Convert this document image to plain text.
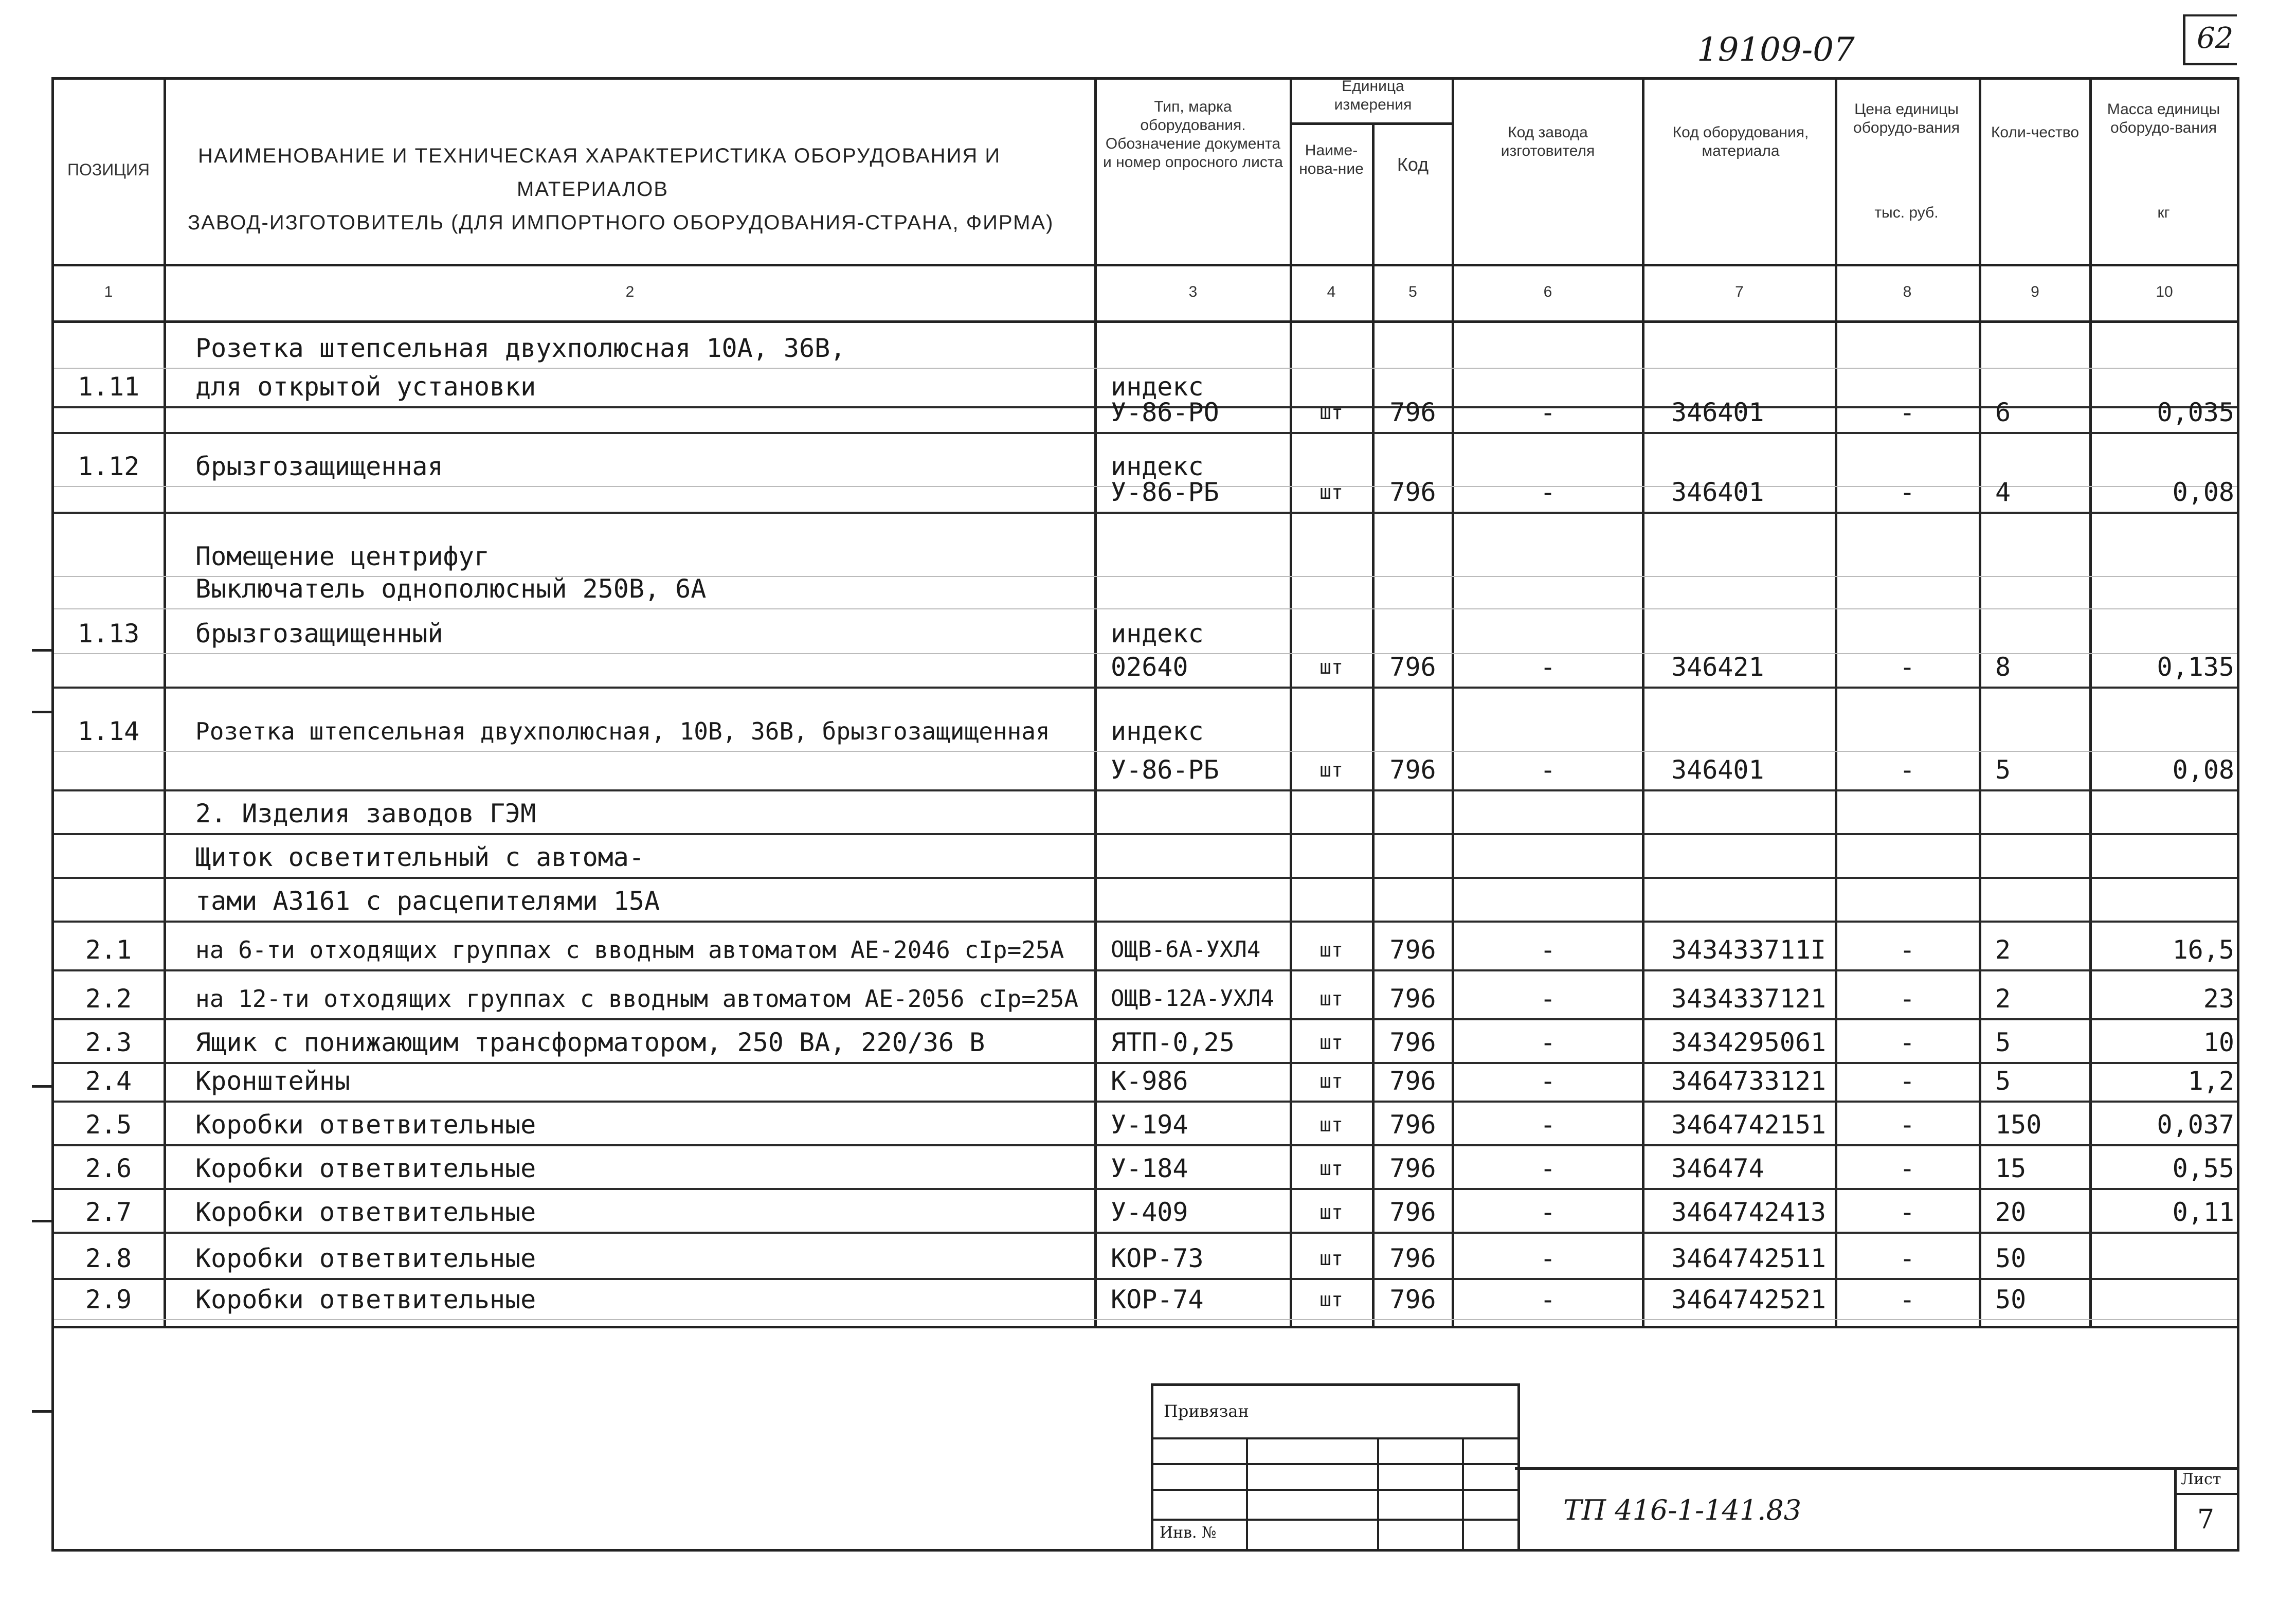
19109-07	62
ПОЗИЦИЯ
НАИМЕНОВАНИЕ И ТЕХНИЧЕСКАЯ ХАРАКТЕРИСТИКА ОБОРУДОВАНИЯ И
МАТЕРИАЛОВ
ЗАВОД-ИЗГОТОВИТЕЛЬ (ДЛЯ ИМПОРТНОГО ОБОРУДОВАНИЯ-СТРАНА, ФИРМА)
Тип, марка оборудования. Обозначение документа и номер опросного листа
Единица измерения
Наиме-нова-ние	Код
Код завода изготовителя
Код оборудования, материала
Цена единицы оборудо-вания
тыс. руб.
Коли-чество
Масса единицы оборудо-вания
кг
1	2	3	4	5	6	7	8	9	10
Розетка штепсельная двухполюсная 10А, 36В,
1.11	для открытой установки	индекс
У-86-РО	шт	796	-	346401	-	6	0,035
1.12	брызгозащищенная	индекс
У-86-РБ	шт	796	-	346401	-	4	0,08
Помещение центрифуг
Выключатель однополюсный 250В, 6А
1.13	брызгозащищенный	индекс
02640	шт	796	-	346421	-	8	0,135
1.14	Розетка штепсельная двухполюсная, 10В, 36В, брызгозащищенная	индекс
У-86-РБ	шт	796	-	346401	-	5	0,08
2. Изделия заводов ГЭМ
Щиток осветительный с автома-
тами А3161 с расцепителями 15А
2.1	на 6-ти отходящих группах с вводным автоматом АЕ-2046 сIр=25А	ОЩВ-6А-УХЛ4	шт	796	-	343433711I	-	2	16,5
2.2	на 12-ти отходящих группах с вводным автоматом АЕ-2056 сIр=25А	ОЩВ-12А-УХЛ4	шт	796	-	3434337121	-	2	23
2.3	Ящик с понижающим трансформатором, 250 ВА, 220/36 В	ЯТП-0,25	шт	796	-	3434295061	-	5	10
2.4	Кронштейны	К-986	шт	796	-	3464733121	-	5	1,2
2.5	Коробки ответвительные	У-194	шт	796	-	3464742151	-	150	0,037
2.6	Коробки ответвительные	У-184	шт	796	-	346474	-	15	0,55
2.7	Коробки ответвительные	У-409	шт	796	-	3464742413	-	20	0,11
2.8	Коробки ответвительные	КОР-73	шт	796	-	3464742511	-	50
2.9	Коробки ответвительные	КОР-74	шт	796	-	3464742521	-	50
Привязан
Инв. №
Лист
7
ТП 416-1-141.83
